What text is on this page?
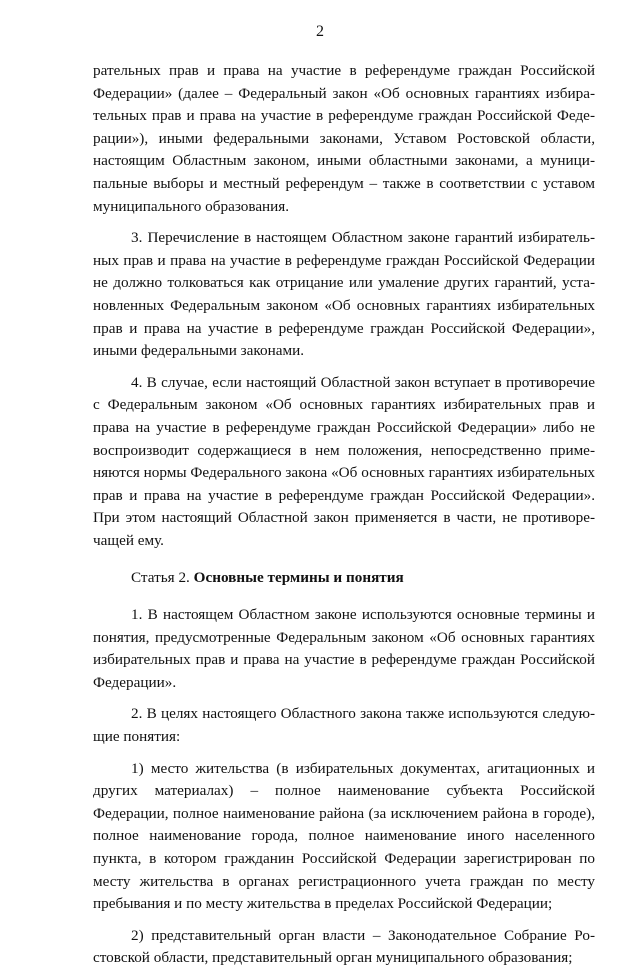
2

рательных прав и права на участие в референдуме граждан Российской Федерации» (далее – Федеральный закон «Об основных гарантиях избирательных прав и права на участие в референдуме граждан Российской Федерации»), иными федеральными законами, Уставом Ростовской области, настоящим Областным законом, иными областными законами, а муниципальные выборы и местный референдум – также в соответствии с уставом муниципального образования.

3. Перечисление в настоящем Областном законе гарантий избирательных прав и права на участие в референдуме граждан Российской Федерации не должно толковаться как отрицание или умаление других гарантий, установленных Федеральным законом «Об основных гарантиях избирательных прав и права на участие в референдуме граждан Российской Федерации», иными федеральными законами.

4. В случае, если настоящий Областной закон вступает в противоречие с Федеральным законом «Об основных гарантиях избирательных прав и права на участие в референдуме граждан Российской Федерации» либо не воспроизводит содержащиеся в нем положения, непосредственно применяются нормы Федерального закона «Об основных гарантиях избирательных прав и права на участие в референдуме граждан Российской Федерации». При этом настоящий Областной закон применяется в части, не противоречащей ему.

Статья 2. Основные термины и понятия

1. В настоящем Областном законе используются основные термины и понятия, предусмотренные Федеральным законом «Об основных гарантиях избирательных прав и права на участие в референдуме граждан Российской Федерации».

2. В целях настоящего Областного закона также используются следующие понятия:

1) место жительства (в избирательных документах, агитационных и других материалах) – полное наименование субъекта Российской Федерации, полное наименование района (за исключением района в городе), полное наименование города, полное наименование иного населенного пункта, в котором гражданин Российской Федерации зарегистрирован по месту жительства в органах регистрационного учета граждан по месту пребывания и по месту жительства в пределах Российской Федерации;

2) представительный орган власти – Законодательное Собрание Ростовской области, представительный орган муниципального образования;
